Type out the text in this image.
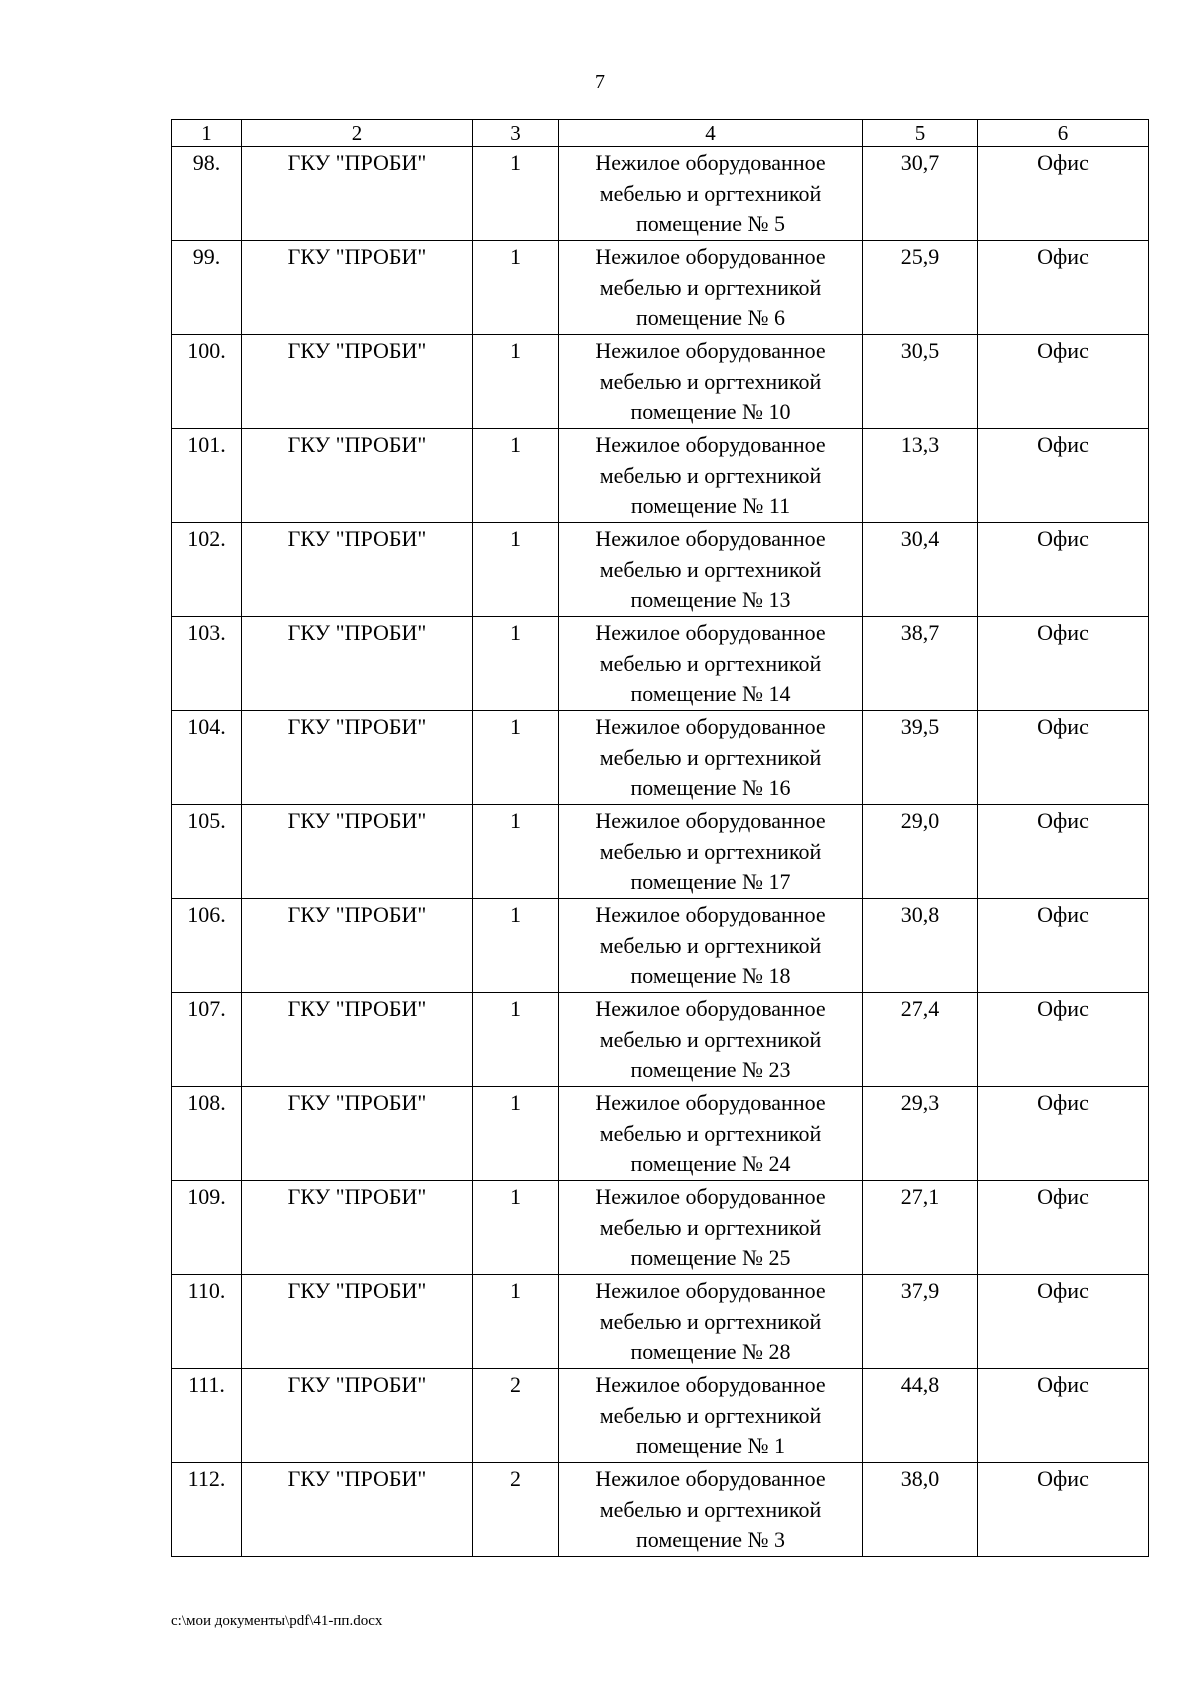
7
1	2	3	4	5	6
98.	ГКУ "ПРОБИ"	1	Нежилое оборудованное
мебелью и оргтехникой
помещение № 5	30,7	Офис
99.	ГКУ "ПРОБИ"	1	Нежилое оборудованное
мебелью и оргтехникой
помещение № 6	25,9	Офис
100.	ГКУ "ПРОБИ"	1	Нежилое оборудованное
мебелью и оргтехникой
помещение № 10	30,5	Офис
101.	ГКУ "ПРОБИ"	1	Нежилое оборудованное
мебелью и оргтехникой
помещение № 11	13,3	Офис
102.	ГКУ "ПРОБИ"	1	Нежилое оборудованное
мебелью и оргтехникой
помещение № 13	30,4	Офис
103.	ГКУ "ПРОБИ"	1	Нежилое оборудованное
мебелью и оргтехникой
помещение № 14	38,7	Офис
104.	ГКУ "ПРОБИ"	1	Нежилое оборудованное
мебелью и оргтехникой
помещение № 16	39,5	Офис
105.	ГКУ "ПРОБИ"	1	Нежилое оборудованное
мебелью и оргтехникой
помещение № 17	29,0	Офис
106.	ГКУ "ПРОБИ"	1	Нежилое оборудованное
мебелью и оргтехникой
помещение № 18	30,8	Офис
107.	ГКУ "ПРОБИ"	1	Нежилое оборудованное
мебелью и оргтехникой
помещение № 23	27,4	Офис
108.	ГКУ "ПРОБИ"	1	Нежилое оборудованное
мебелью и оргтехникой
помещение № 24	29,3	Офис
109.	ГКУ "ПРОБИ"	1	Нежилое оборудованное
мебелью и оргтехникой
помещение № 25	27,1	Офис
110.	ГКУ "ПРОБИ"	1	Нежилое оборудованное
мебелью и оргтехникой
помещение № 28	37,9	Офис
111.	ГКУ "ПРОБИ"	2	Нежилое оборудованное
мебелью и оргтехникой
помещение № 1	44,8	Офис
112.	ГКУ "ПРОБИ"	2	Нежилое оборудованное
мебелью и оргтехникой
помещение № 3	38,0	Офис
c:\мои документы\pdf\41-пп.docx
